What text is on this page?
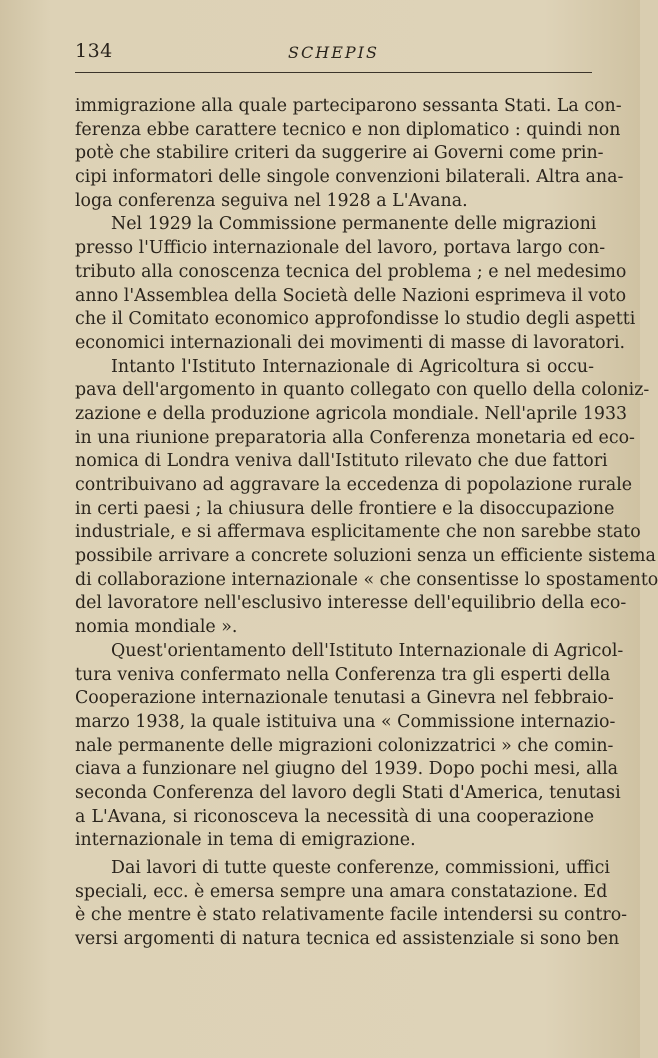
134	SCHEPIS
immigrazione alla quale parteciparono sessanta Stati. La con-
ferenza ebbe carattere tecnico e non diplomatico : quindi non
potè che stabilire criteri da suggerire ai Governi come prin-
cipi informatori delle singole convenzioni bilaterali. Altra ana-
loga conferenza seguiva nel 1928 a L'Avana.
Nel 1929 la Commissione permanente delle migrazioni
presso l'Ufficio internazionale del lavoro, portava largo con-
tributo alla conoscenza tecnica del problema ; e nel medesimo
anno l'Assemblea della Società delle Nazioni esprimeva il voto
che il Comitato economico approfondisse lo studio degli aspetti
economici internazionali dei movimenti di masse di lavoratori.
Intanto l'Istituto Internazionale di Agricoltura si occu-
pava dell'argomento in quanto collegato con quello della coloniz-
zazione e della produzione agricola mondiale. Nell'aprile 1933
in una riunione preparatoria alla Conferenza monetaria ed eco-
nomica di Londra veniva dall'Istituto rilevato che due fattori
contribuivano ad aggravare la eccedenza di popolazione rurale
in certi paesi ; la chiusura delle frontiere e la disoccupazione
industriale, e si affermava esplicitamente che non sarebbe stato
possibile arrivare a concrete soluzioni senza un efficiente sistema
di collaborazione internazionale « che consentisse lo spostamento
del lavoratore nell'esclusivo interesse dell'equilibrio della eco-
nomia mondiale ».
Quest'orientamento dell'Istituto Internazionale di Agricol-
tura veniva confermato nella Conferenza tra gli esperti della
Cooperazione internazionale tenutasi a Ginevra nel febbraio-
marzo 1938, la quale istituiva una « Commissione internazio-
nale permanente delle migrazioni colonizzatrici » che comin-
ciava a funzionare nel giugno del 1939. Dopo pochi mesi, alla
seconda Conferenza del lavoro degli Stati d'America, tenutasi
a L'Avana, si riconosceva la necessità di una cooperazione
internazionale in tema di emigrazione.
Dai lavori di tutte queste conferenze, commissioni, uffici
speciali, ecc. è emersa sempre una amara constatazione. Ed
è che mentre è stato relativamente facile intendersi su contro-
versi argomenti di natura tecnica ed assistenziale si sono ben
